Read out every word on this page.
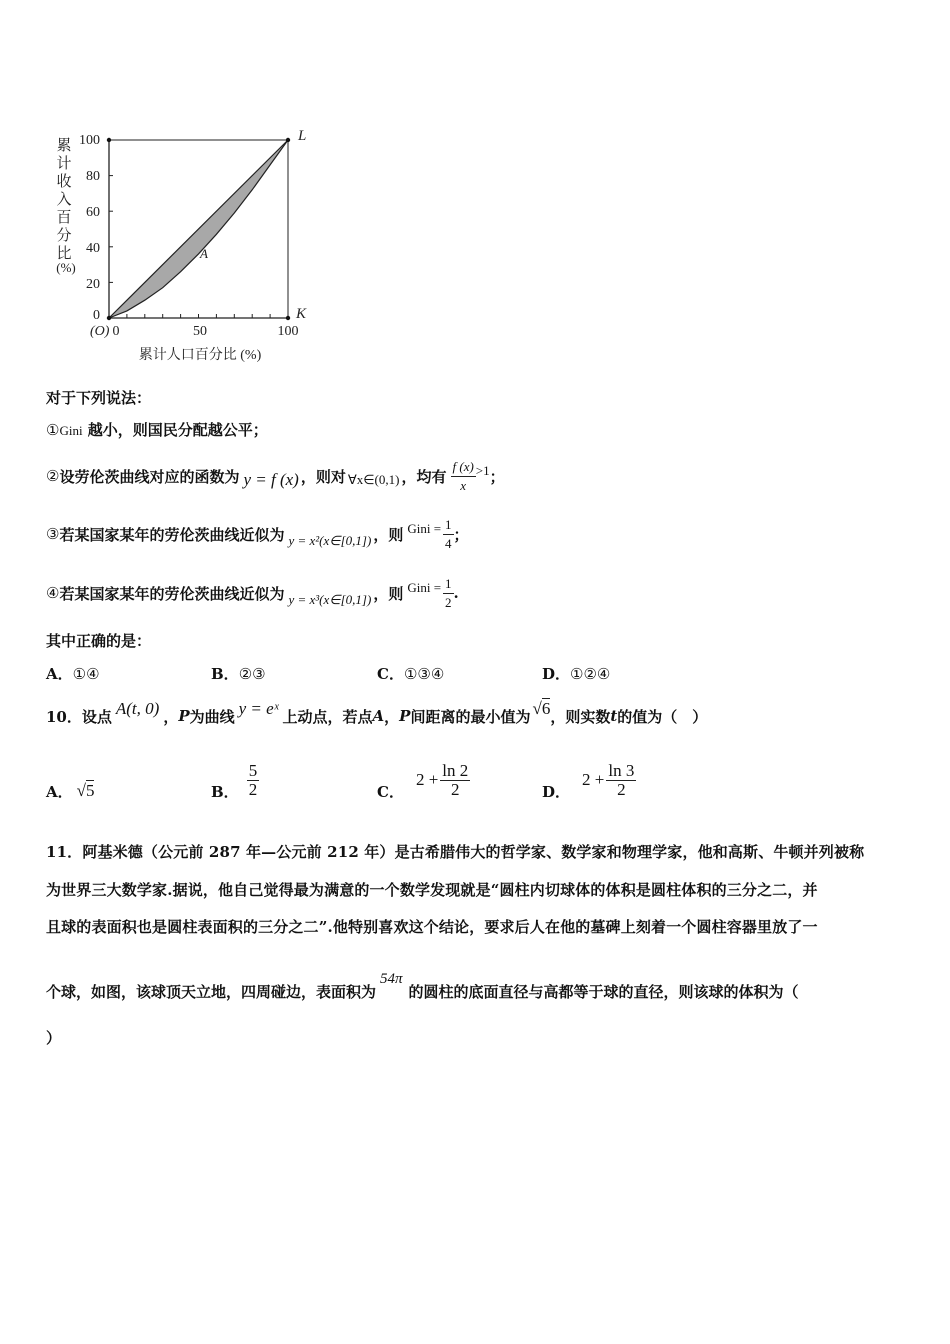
累
计
收
入
百
分
比
(%)
100
80
60
40
20
0
L
K
A
(O) 0	50	100
累计人口百分比 (%)
对于下列说法：
①Gini 越小，则国民分配越公平；
② 设劳伦茨曲线对应的函数为 y = f (x) ，则对 ∀x∈(0,1) ，均有 $\frac{f (x)}{x} >1$ ；
③ 若某国家某年的劳伦茨曲线近似为 y = x²(x∈[0,1]) ，则 Gini = $\frac{1}{4}$ ；
④ 若某国家某年的劳伦茨曲线近似为 y = x³(x∈[0,1]) ，则 Gini = $\frac{1}{2}$ .
其中正确的是：
A．①④	B．②③	C．①③④	D．①②④
10．设点 A(t, 0) ， P 为曲线 y = eˣ 上动点，若点 A ， P 间距离的最小值为 √6 ，则实数 t 的值为（　）
A． √5	B． $\frac{5}{2}$	C．
$2 + \frac{\ln 2}{2}$	D．
$2 + \frac{\ln 3}{2}$
11．阿基米德（公元前 287 年—公元前 212 年）是古希腊伟大的哲学家、数学家和物理学家，他和高斯、牛顿并列被称
为世界三大数学家.据说，他自己觉得最为满意的一个数学发现就是“圆柱内切球体的体积是圆柱体积的三分之二，并
且球的表面积也是圆柱表面积的三分之二”.他特别喜欢这个结论，要求后人在他的墓碑上刻着一个圆柱容器里放了一
个球，如图，该球顶天立地，四周碰边，表面积为
54π
的圆柱的底面直径与高都等于球的直径，则该球的体积为（
）
